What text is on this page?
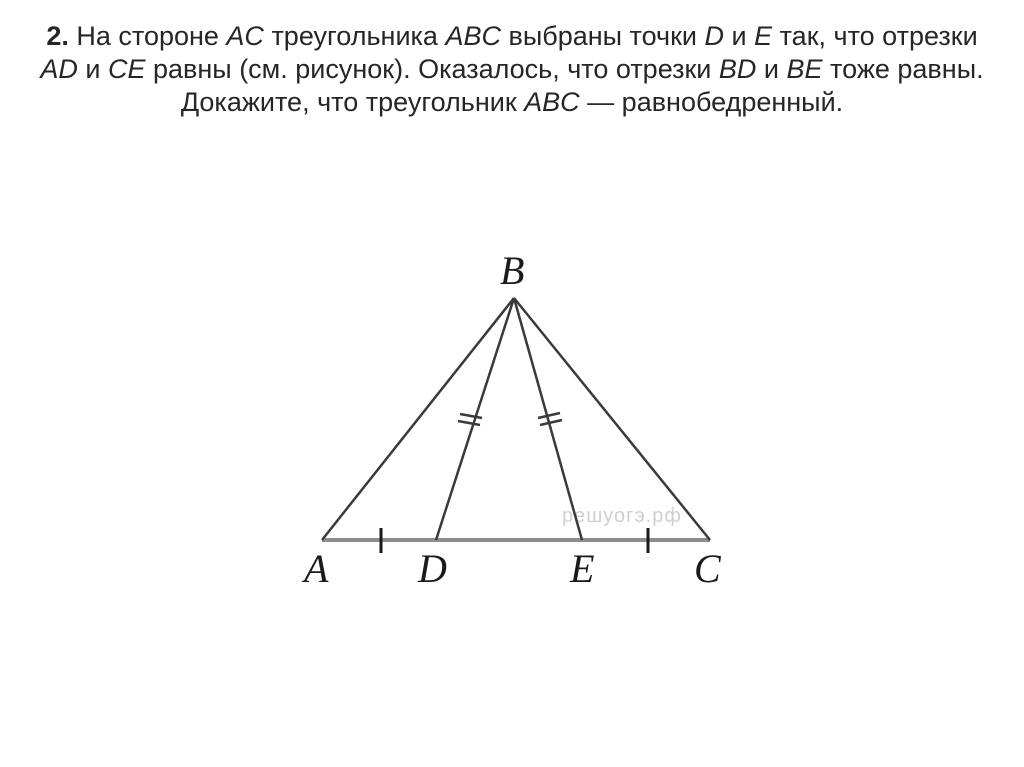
2. На стороне AC треугольника ABC выбраны точки D и E так, что отрезки AD и CE равны (см. рисунок). Оказалось, что отрезки BD и BE тоже равны. Докажите, что треугольник ABC — равнобедренный.

решуогэ.рф
B
A D	E C
